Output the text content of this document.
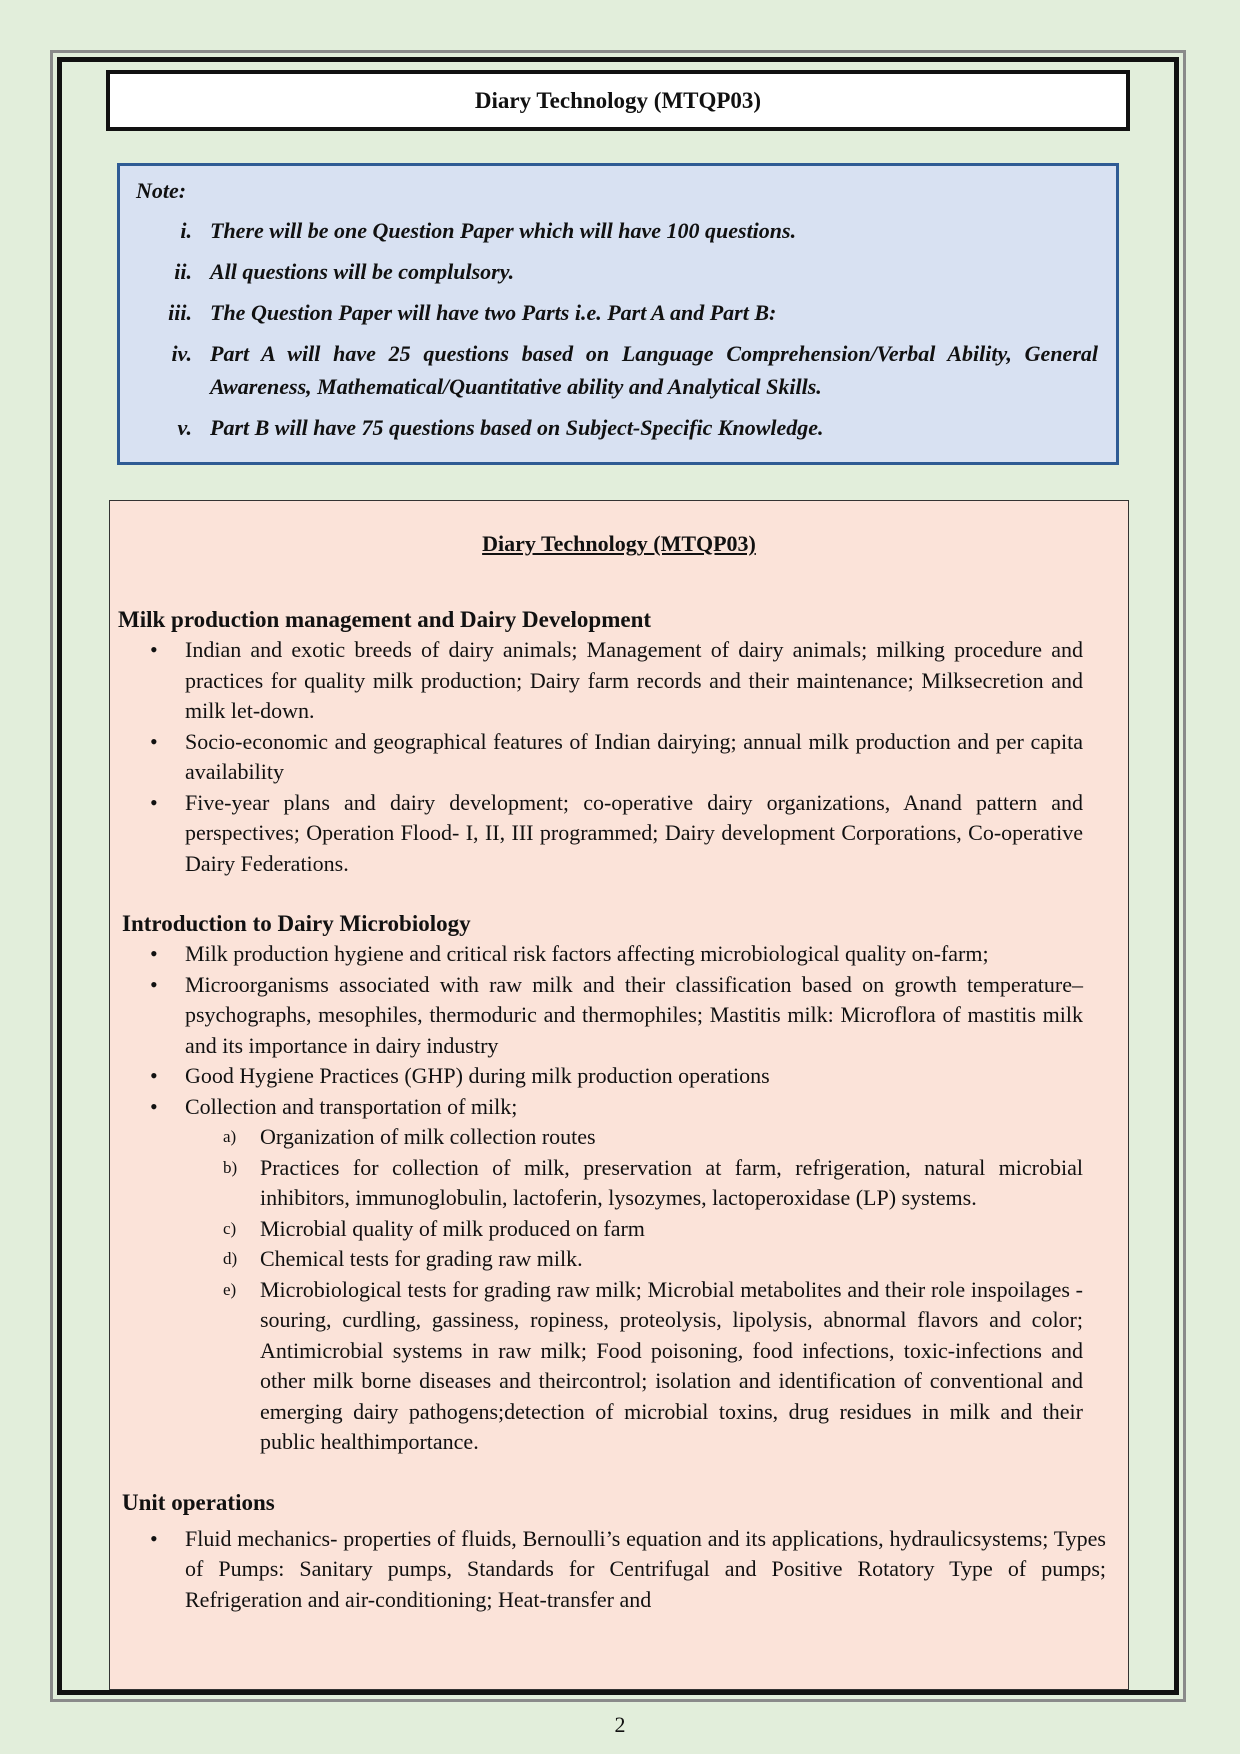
Diary Technology (MTQP03)
Note:
i. There will be one Question Paper which will have 100 questions.
ii. All questions will be complulsory.
iii. The Question Paper will have two Parts i.e. Part A and Part B:
iv. Part A will have 25 questions based on Language Comprehension/Verbal Ability, General Awareness, Mathematical/Quantitative ability and Analytical Skills.
v. Part B will have 75 questions based on Subject-Specific Knowledge.
Diary Technology (MTQP03)
Milk production management and Dairy Development
• Indian and exotic breeds of dairy animals; Management of dairy animals; milking procedure and practices for quality milk production; Dairy farm records and their maintenance; Milksecretion and milk let-down.
• Socio-economic and geographical features of Indian dairying; annual milk production and per capita availability
• Five-year plans and dairy development; co-operative dairy organizations, Anand pattern and perspectives; Operation Flood- I, II, III programmed; Dairy development Corporations, Co-operative Dairy Federations.
Introduction to Dairy Microbiology
• Milk production hygiene and critical risk factors affecting microbiological quality on-farm;
• Microorganisms associated with raw milk and their classification based on growth temperature– psychographs, mesophiles, thermoduric and thermophiles; Mastitis milk: Microflora of mastitis milk and its importance in dairy industry
• Good Hygiene Practices (GHP) during milk production operations
• Collection and transportation of milk;
a) Organization of milk collection routes
b) Practices for collection of milk, preservation at farm, refrigeration, natural microbial inhibitors, immunoglobulin, lactoferin, lysozymes, lactoperoxidase (LP) systems.
c) Microbial quality of milk produced on farm
d) Chemical tests for grading raw milk.
e) Microbiological tests for grading raw milk; Microbial metabolites and their role inspoilages - souring, curdling, gassiness, ropiness, proteolysis, lipolysis, abnormal flavors and color; Antimicrobial systems in raw milk; Food poisoning, food infections, toxic-infections and other milk borne diseases and theircontrol; isolation and identification of conventional and emerging dairy pathogens;detection of microbial toxins, drug residues in milk and their public healthimportance.
Unit operations
• Fluid mechanics- properties of fluids, Bernoulli’s equation and its applications, hydraulicsystems; Types of Pumps: Sanitary pumps, Standards for Centrifugal and Positive Rotatory Type of pumps; Refrigeration and air-conditioning; Heat-transfer and
2
